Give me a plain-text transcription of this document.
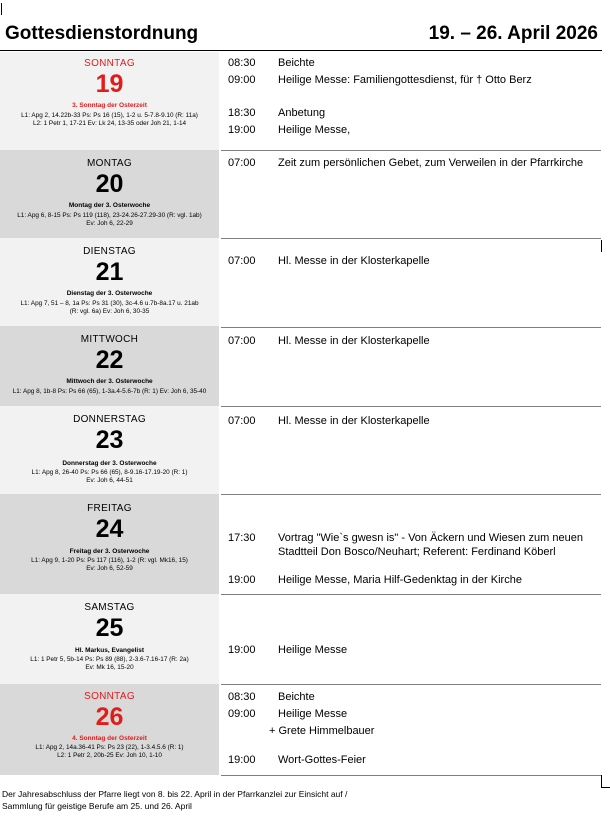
Gottesdienstordnung	19. – 26. April 2026
SONNTAG
19
3. Sonntag der Osterzeit
L1: Apg 2, 14.22b-33 Ps: Ps 16 (15), 1-2 u. 5-7.8-9.10 (R: 11a)
L2: 1 Petr 1, 17-21 Ev: Lk 24, 13-35 oder Joh 21, 1-14
08:30 Beichte
09:00 Heilige Messe: Familiengottesdienst, für † Otto Berz
18:30 Anbetung
19:00 Heilige Messe,
MONTAG
20
Montag der 3. Osterwoche
L1: Apg 6, 8-15 Ps: Ps 119 (118), 23-24.26-27.29-30 (R: vgl. 1ab)
Ev: Joh 6, 22-29
07:00 Zeit zum persönlichen Gebet, zum Verweilen in der Pfarrkirche
DIENSTAG
21
Dienstag der 3. Osterwoche
L1: Apg 7, 51 – 8, 1a Ps: Ps 31 (30), 3c-4.6 u.7b-8a.17 u. 21ab
(R: vgl. 6a) Ev: Joh 6, 30-35
07:00 Hl. Messe in der Klosterkapelle
MITTWOCH
22
Mittwoch der 3. Osterwoche
L1: Apg 8, 1b-8 Ps: Ps 66 (65), 1-3a.4-5.6-7b (R: 1) Ev: Joh 6, 35-40
07:00 Hl. Messe in der Klosterkapelle
DONNERSTAG
23
Donnerstag der 3. Osterwoche
L1: Apg 8, 26-40 Ps: Ps 66 (65), 8-9.16-17.19-20 (R: 1)
Ev: Joh 6, 44-51
07:00 Hl. Messe in der Klosterkapelle
FREITAG
24
Freitag der 3. Osterwoche
L1: Apg 9, 1-20 Ps: Ps 117 (116), 1-2 (R: vgl. Mk16, 15)
Ev: Joh 6, 52-59
17:30 Vortrag "Wie`s gwesn is" - Von Äckern und Wiesen zum neuen Stadtteil Don Bosco/Neuhart; Referent: Ferdinand Köberl
19:00 Heilige Messe, Maria Hilf-Gedenktag in der Kirche
SAMSTAG
25
Hl. Markus, Evangelist
L1: 1 Petr 5, 5b-14 Ps: Ps 89 (88), 2-3.6-7.16-17 (R: 2a)
Ev: Mk 16, 15-20
19:00 Heilige Messe
SONNTAG
26
4. Sonntag der Osterzeit
L1: Apg 2, 14a.36-41 Ps: Ps 23 (22), 1-3.4.5.6 (R: 1)
L2: 1 Petr 2, 20b-25 Ev: Joh 10, 1-10
08:30 Beichte
09:00 Heilige Messe
+ Grete Himmelbauer
19:00 Wort-Gottes-Feier
Der Jahresabschluss der Pfarre liegt von 8. bis 22. April in der Pfarrkanzlei zur Einsicht auf /
Sammlung für geistige Berufe am 25. und 26. April
